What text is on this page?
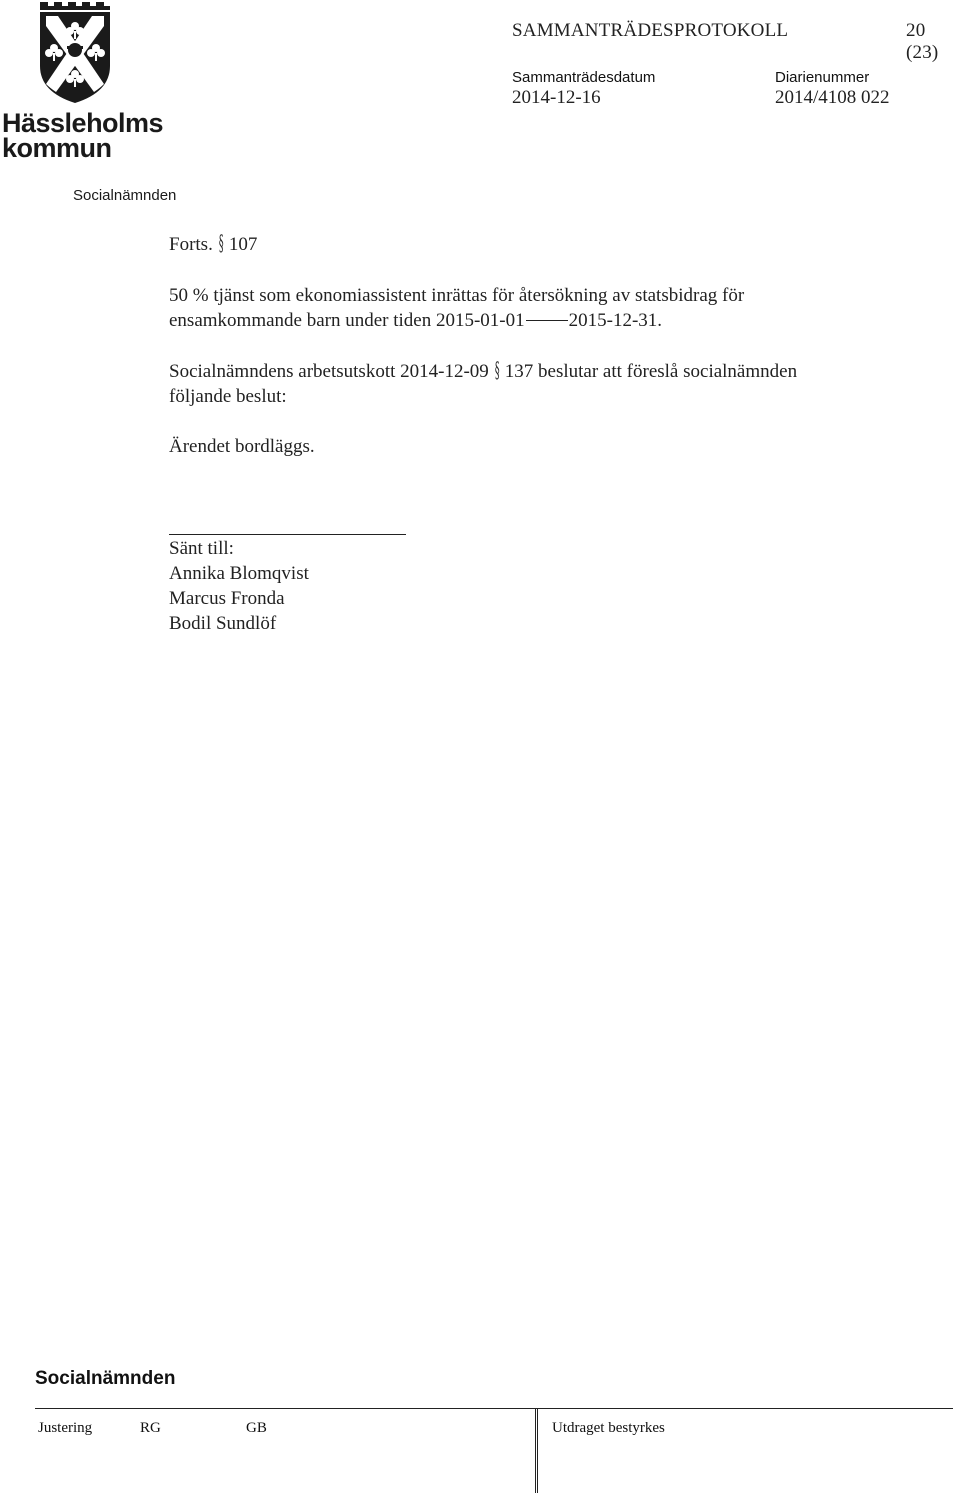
Hässleholms
kommun
SAMMANTRÄDESPROTOKOLL	20 (23)
Sammanträdesdatum	Diarienummer
2014-12-16	2014/4108 022
Socialnämnden
Forts. § 107
50 % tjänst som ekonomiassistent inrättas för återsökning av statsbidrag för
ensamkommande barn under tiden 2015-01-01 2015-12-31.
Socialnämndens arbetsutskott 2014-12-09 § 137 beslutar att föreslå socialnämnden
följande beslut:
Ärendet bordläggs.
Sänt till:
Annika Blomqvist
Marcus Fronda
Bodil Sundlöf
Socialnämnden
Justering	RG	GB	Utdraget bestyrkes
